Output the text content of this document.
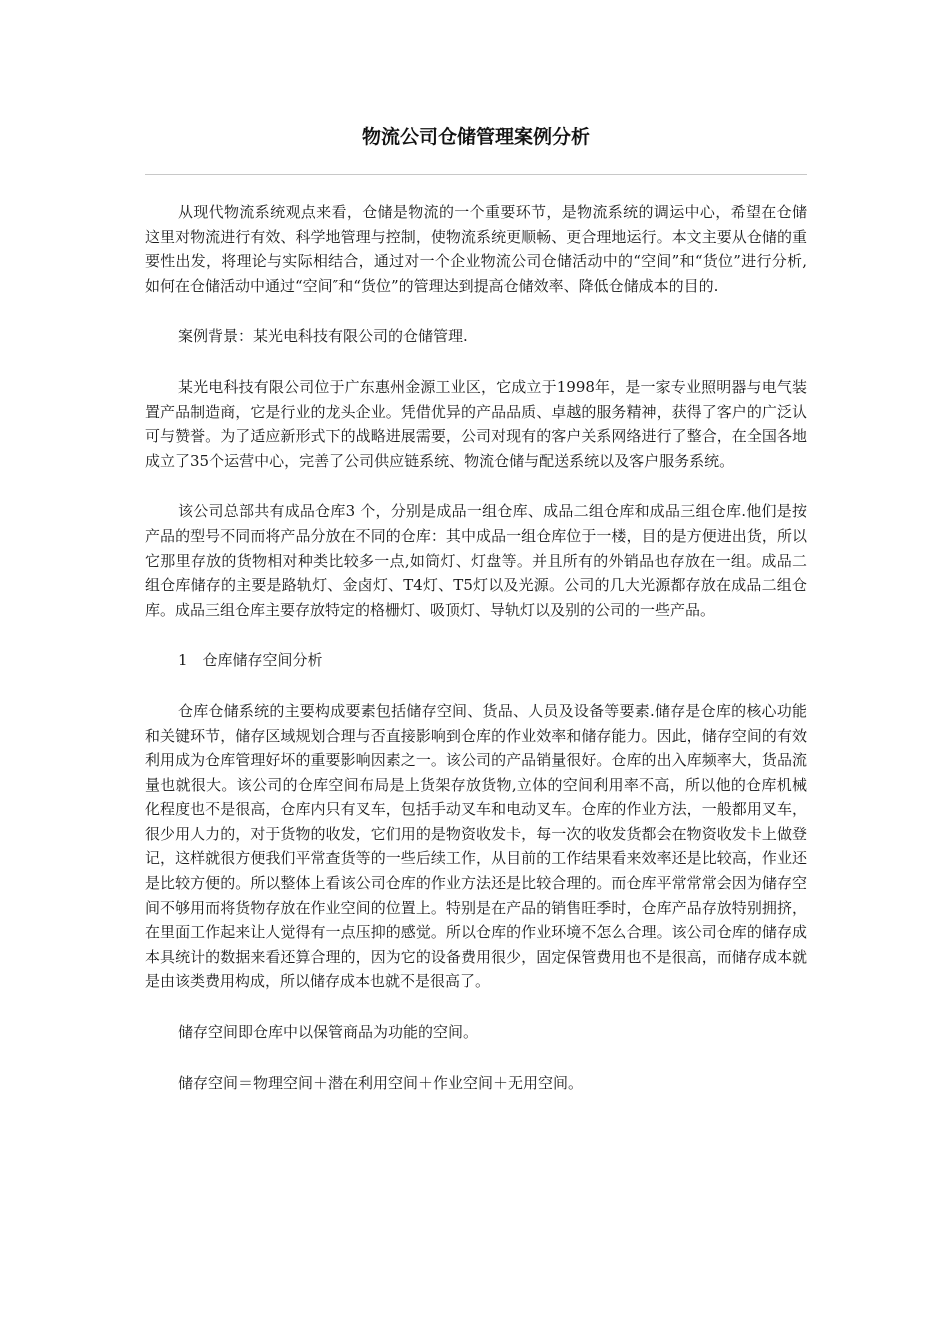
物流公司仓储管理案例分析

从现代物流系统观点来看，仓储是物流的一个重要环节，是物流系统的调运中心，希望在仓储这里对物流进行有效、科学地管理与控制，使物流系统更顺畅、更合理地运行。本文主要从仓储的重要性出发，将理论与实际相结合，通过对一个企业物流公司仓储活动中的“空间”和“货位”进行分析,如何在仓储活动中通过“空间″和“货位”的管理达到提高仓储效率、降低仓储成本的目的.

案例背景：某光电科技有限公司的仓储管理.

某光电科技有限公司位于广东惠州金源工业区，它成立于1998年，是一家专业照明器与电气装置产品制造商，它是行业的龙头企业。凭借优异的产品品质、卓越的服务精神，获得了客户的广泛认可与赞誉。为了适应新形式下的战略进展需要，公司对现有的客户关系网络进行了整合，在全国各地成立了35个运营中心，完善了公司供应链系统、物流仓储与配送系统以及客户服务系统。

该公司总部共有成品仓库3 个，分别是成品一组仓库、成品二组仓库和成品三组仓库.他们是按产品的型号不同而将产品分放在不同的仓库：其中成品一组仓库位于一楼，目的是方便进出货，所以它那里存放的货物相对种类比较多一点,如筒灯、灯盘等。并且所有的外销品也存放在一组。成品二组仓库储存的主要是路轨灯、金卤灯、T4灯、T5灯以及光源。公司的几大光源都存放在成品二组仓库。成品三组仓库主要存放特定的格栅灯、吸顶灯、导轨灯以及别的公司的一些产品。

1　仓库储存空间分析

仓库仓储系统的主要构成要素包括储存空间、货品、人员及设备等要素.储存是仓库的核心功能和关键环节，储存区域规划合理与否直接影响到仓库的作业效率和储存能力。因此，储存空间的有效利用成为仓库管理好坏的重要影响因素之一。该公司的产品销量很好。仓库的出入库频率大，货品流量也就很大。该公司的仓库空间布局是上货架存放货物,立体的空间利用率不高，所以他的仓库机械化程度也不是很高，仓库内只有叉车，包括手动叉车和电动叉车。仓库的作业方法，一般都用叉车，很少用人力的，对于货物的收发，它们用的是物资收发卡，每一次的收发货都会在物资收发卡上做登记，这样就很方便我们平常查货等的一些后续工作，从目前的工作结果看来效率还是比较高，作业还是比较方便的。所以整体上看该公司仓库的作业方法还是比较合理的。而仓库平常常常会因为储存空间不够用而将货物存放在作业空间的位置上。特别是在产品的销售旺季时，仓库产品存放特别拥挤，在里面工作起来让人觉得有一点压抑的感觉。所以仓库的作业环境不怎么合理。该公司仓库的储存成本具统计的数据来看还算合理的，因为它的设备费用很少，固定保管费用也不是很高，而储存成本就是由该类费用构成，所以储存成本也就不是很高了。

储存空间即仓库中以保管商品为功能的空间。

储存空间＝物理空间＋潜在利用空间＋作业空间＋无用空间。
